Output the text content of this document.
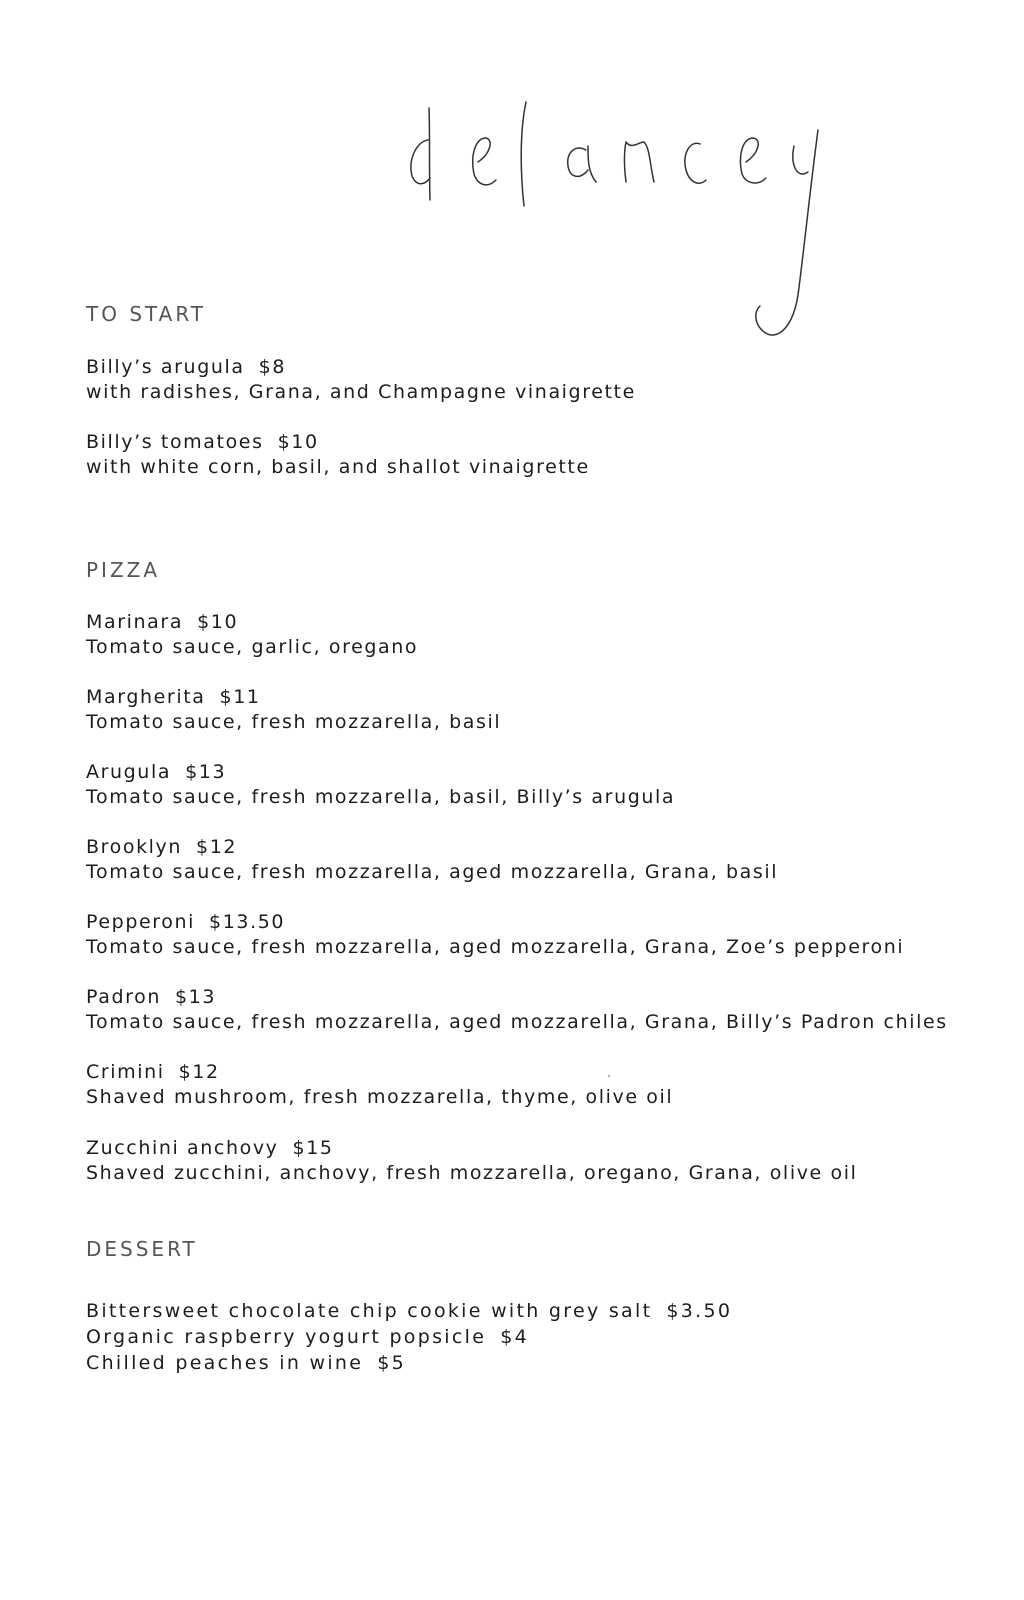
TO START
Billy’s arugula $8
with radishes, Grana, and Champagne vinaigrette
Billy’s tomatoes $10
with white corn, basil, and shallot vinaigrette
PIZZA
Marinara $10
Tomato sauce, garlic, oregano
Margherita $11
Tomato sauce, fresh mozzarella, basil
Arugula $13
Tomato sauce, fresh mozzarella, basil, Billy’s arugula
Brooklyn $12
Tomato sauce, fresh mozzarella, aged mozzarella, Grana, basil
Pepperoni $13.50
Tomato sauce, fresh mozzarella, aged mozzarella, Grana, Zoe’s pepperoni
Padron $13
Tomato sauce, fresh mozzarella, aged mozzarella, Grana, Billy’s Padron chiles
Crimini $12
Shaved mushroom, fresh mozzarella, thyme, olive oil
Zucchini anchovy $15
Shaved zucchini, anchovy, fresh mozzarella, oregano, Grana, olive oil
DESSERT
Bittersweet chocolate chip cookie with grey salt $3.50
Organic raspberry yogurt popsicle $4
Chilled peaches in wine $5
